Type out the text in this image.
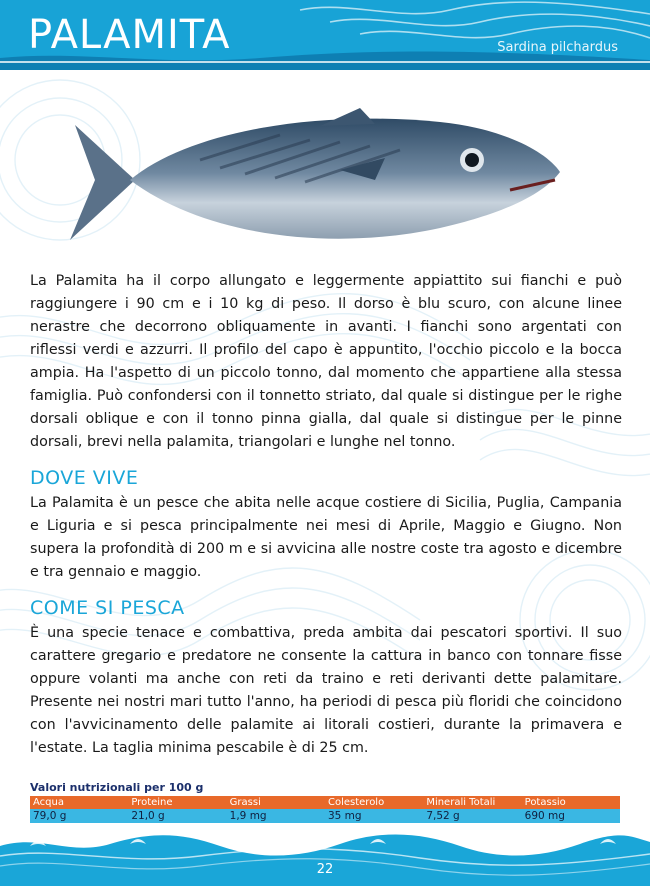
PALAMITA	Sardina pilchardus

La Palamita ha il corpo allungato e leggermente appiattito sui fianchi e può raggiungere i 90 cm e i 10 kg di peso. Il dorso è blu scuro, con alcune linee nerastre che decorrono obliquamente in avanti. I fianchi sono argentati con riflessi verdi e azzurri. Il profilo del capo è appuntito, l'occhio piccolo e la bocca ampia. Ha l'aspetto di un piccolo tonno, dal momento che appartiene alla stessa famiglia. Può confondersi con il tonnetto striato, dal quale si distingue per le righe dorsali oblique e con il tonno pinna gialla, dal quale si distingue per le pinne dorsali, brevi nella palamita, triangolari e lunghe nel tonno.

DOVE VIVE

La Palamita è un pesce che abita nelle acque costiere di Sicilia, Puglia, Campania e Liguria e si pesca principalmente nei mesi di Aprile, Maggio e Giugno. Non supera la profondità di 200 m e si avvicina alle nostre coste tra agosto e dicembre e tra gennaio e maggio.

COME SI PESCA

È una specie tenace e combattiva, preda ambita dai pescatori sportivi. Il suo carattere gregario e predatore ne consente la cattura in banco con tonnare fisse oppure volanti ma anche con reti da traino e reti derivanti dette palamitare. Presente nei nostri mari tutto l'anno, ha periodi di pesca più floridi che coincidono con l'avvicinamento delle palamite ai litorali costieri, durante la primavera e l'estate. La taglia minima pescabile è di 25 cm.

Valori nutrizionali per 100 g
Acqua	Proteine	Grassi	Colesterolo	Minerali Totali	Potassio
79,0 g	21,0 g	1,9 mg	35 mg	7,52 g	690 mg
22
